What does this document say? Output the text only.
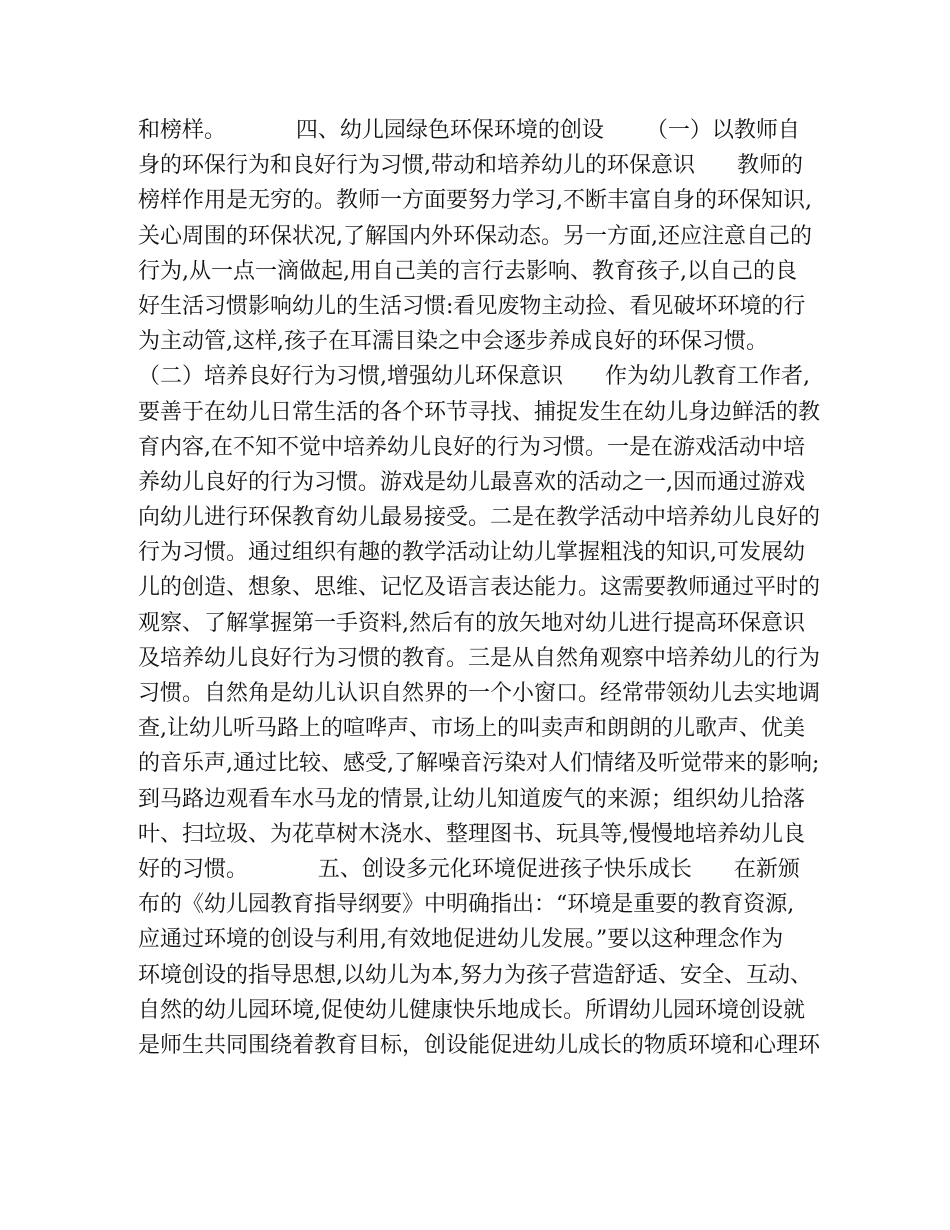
和榜样。          四、幼儿园绿色环保环境的创设      （一）以教师自
身的环保行为和良好行为习惯,带动和培养幼儿的环保意识      教师的
榜样作用是无穷的。教师一方面要努力学习,不断丰富自身的环保知识,
关心周围的环保状况,了解国内外环保动态。另一方面,还应注意自己的
行为,从一点一滴做起,用自己美的言行去影响、教育孩子,以自己的良
好生活习惯影响幼儿的生活习惯:看见废物主动捡、看见破坏环境的行
为主动管,这样,孩子在耳濡目染之中会逐步养成良好的环保习惯。
（二）培养良好行为习惯,增强幼儿环保意识      作为幼儿教育工作者,
要善于在幼儿日常生活的各个环节寻找、捕捉发生在幼儿身边鲜活的教
育内容,在不知不觉中培养幼儿良好的行为习惯。一是在游戏活动中培
养幼儿良好的行为习惯。游戏是幼儿最喜欢的活动之一,因而通过游戏
向幼儿进行环保教育幼儿最易接受。二是在教学活动中培养幼儿良好的
行为习惯。通过组织有趣的教学活动让幼儿掌握粗浅的知识,可发展幼
儿的创造、想象、思维、记忆及语言表达能力。这需要教师通过平时的
观察、了解掌握第一手资料,然后有的放矢地对幼儿进行提高环保意识
及培养幼儿良好行为习惯的教育。三是从自然角观察中培养幼儿的行为
习惯。自然角是幼儿认识自然界的一个小窗口。经常带领幼儿去实地调
查,让幼儿听马路上的喧哗声、市场上的叫卖声和朗朗的儿歌声、优美
的音乐声,通过比较、感受,了解噪音污染对人们情绪及听觉带来的影响;
到马路边观看车水马龙的情景,让幼儿知道废气的来源；组织幼儿拾落
叶、扫垃圾、为花草树木浇水、整理图书、玩具等,慢慢地培养幼儿良
好的习惯。          五、创设多元化环境促进孩子快乐成长      在新颁
布的《幼儿园教育指导纲要》中明确指出：“环境是重要的教育资源,
应通过环境的创设与利用,有效地促进幼儿发展。”要以这种理念作为
环境创设的指导思想,以幼儿为本,努力为孩子营造舒适、安全、互动、
自然的幼儿园环境,促使幼儿健康快乐地成长。所谓幼儿园环境创设就
是师生共同围绕着教育目标，创设能促进幼儿成长的物质环境和心理环
